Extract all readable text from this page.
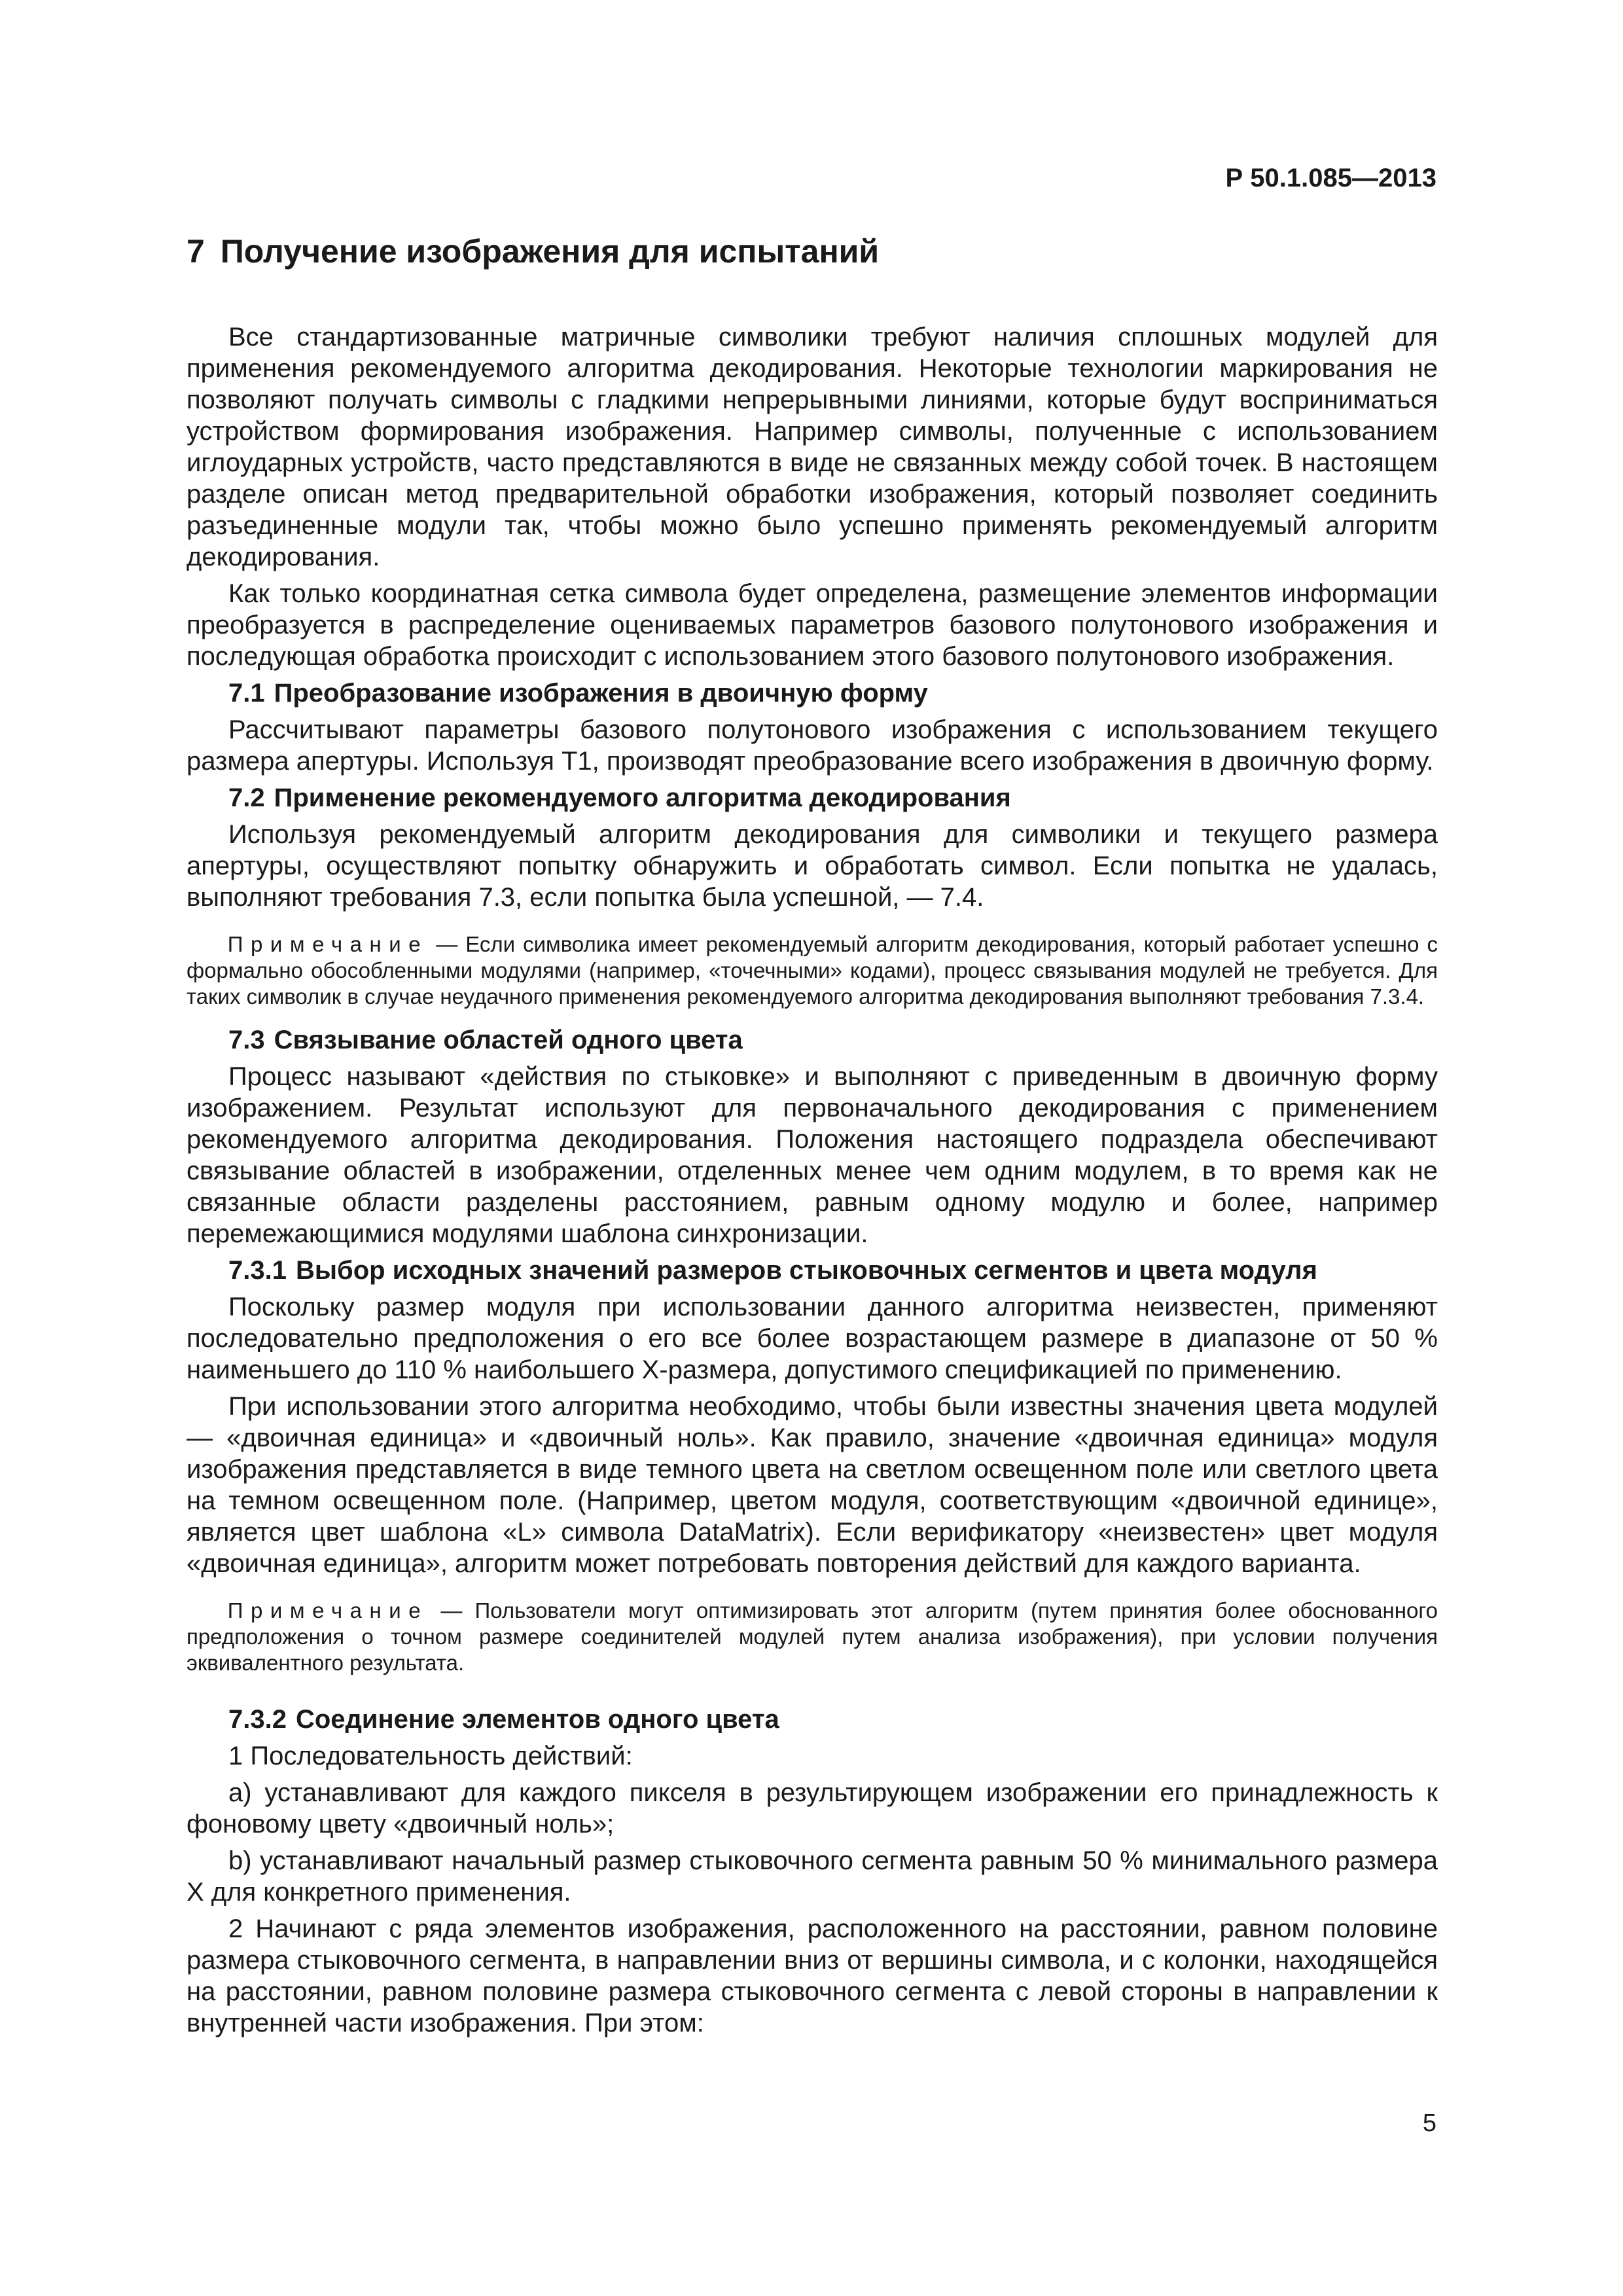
Р 50.1.085—2013
7 Получение изображения для испытаний

Все стандартизованные матричные символики требуют наличия сплошных модулей для применения рекомендуемого алгоритма декодирования. Некоторые технологии маркирования не позволяют получать символы с гладкими непрерывными линиями, которые будут восприниматься устройством формирования изображения. Например символы, полученные с использованием иглоударных устройств, часто представляются в виде не связанных между собой точек. В настоящем разделе описан метод предварительной обработки изображения, который позволяет соединить разъединенные модули так, чтобы можно было успешно применять рекомендуемый алгоритм декодирования.

Как только координатная сетка символа будет определена, размещение элементов информации преобразуется в распределение оцениваемых параметров базового полутонового изображения и последующая обработка происходит с использованием этого базового полутонового изображения.

7.1 Преобразование изображения в двоичную форму

Рассчитывают параметры базового полутонового изображения с использованием текущего размера апертуры. Используя Т1, производят преобразование всего изображения в двоичную форму.

7.2 Применение рекомендуемого алгоритма декодирования

Используя рекомендуемый алгоритм декодирования для символики и текущего размера апертуры, осуществляют попытку обнаружить и обработать символ. Если попытка не удалась, выполняют требования 7.3, если попытка была успешной, — 7.4.

Примечание — Если символика имеет рекомендуемый алгоритм декодирования, который работает успешно с формально обособленными модулями (например, «точечными» кодами), процесс связывания модулей не требуется. Для таких символик в случае неудачного применения рекомендуемого алгоритма декодирования выполняют требования 7.3.4.

7.3 Связывание областей одного цвета

Процесс называют «действия по стыковке» и выполняют с приведенным в двоичную форму изображением. Результат используют для первоначального декодирования с применением рекомендуемого алгоритма декодирования. Положения настоящего подраздела обеспечивают связывание областей в изображении, отделенных менее чем одним модулем, в то время как не связанные области разделены расстоянием, равным одному модулю и более, например перемежающимися модулями шаблона синхронизации.

7.3.1 Выбор исходных значений размеров стыковочных сегментов и цвета модуля

Поскольку размер модуля при использовании данного алгоритма неизвестен, применяют последовательно предположения о его все более возрастающем размере в диапазоне от 50 % наименьшего до 110 % наибольшего Х-размера, допустимого спецификацией по применению.

При использовании этого алгоритма необходимо, чтобы были известны значения цвета модулей — «двоичная единица» и «двоичный ноль». Как правило, значение «двоичная единица» модуля изображения представляется в виде темного цвета на светлом освещенном поле или светлого цвета на темном освещенном поле. (Например, цветом модуля, соответствующим «двоичной единице», является цвет шаблона «L» символа DataMatrix). Если верификатору «неизвестен» цвет модуля «двоичная единица», алгоритм может потребовать повторения действий для каждого варианта.

Примечание — Пользователи могут оптимизировать этот алгоритм (путем принятия более обоснованного предположения о точном размере соединителей модулей путем анализа изображения), при условии получения эквивалентного результата.

7.3.2 Соединение элементов одного цвета

1 Последовательность действий:

a) устанавливают для каждого пикселя в результирующем изображении его принадлежность к фоновому цвету «двоичный ноль»;

b) устанавливают начальный размер стыковочного сегмента равным 50 % минимального размера Х для конкретного применения.

2 Начинают с ряда элементов изображения, расположенного на расстоянии, равном половине размера стыковочного сегмента, в направлении вниз от вершины символа, и с колонки, находящейся на расстоянии, равном половине размера стыковочного сегмента с левой стороны в направлении к внутренней части изображения. При этом:

5
